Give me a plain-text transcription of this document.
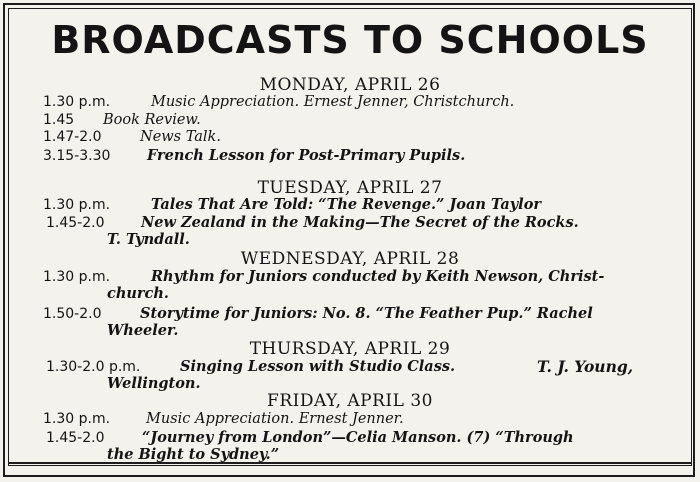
BROADCASTS TO SCHOOLS
MONDAY, APRIL 26
1.30 p.m.	Music Appreciation. Ernest Jenner, Christchurch.
1.45 Book Review.
1.47-2.0	News Talk.
3.15-3.30	French Lesson for Post-Primary Pupils.
TUESDAY, APRIL 27
1.30 p.m.	Tales That Are Told: “The Revenge.” Joan Taylor
1.45-2.0	New Zealand in the Making—The Secret of the Rocks.
T. Tyndall.
WEDNESDAY, APRIL 28
1.30 p.m.	Rhythm for Juniors conducted by Keith Newson, Christ-
church.
1.50-2.0	Storytime for Juniors: No. 8. “The Feather Pup.” Rachel
Wheeler.
THURSDAY, APRIL 29
1.30-2.0 p.m.	Singing Lesson with Studio Class.	T. J. Young,
Wellington.
FRIDAY, APRIL 30
1.30 p.m. Music Appreciation. Ernest Jenner.
1.45-2.0	“Journey from London”—Celia Manson. (7) “Through
the Bight to Sydney.”
